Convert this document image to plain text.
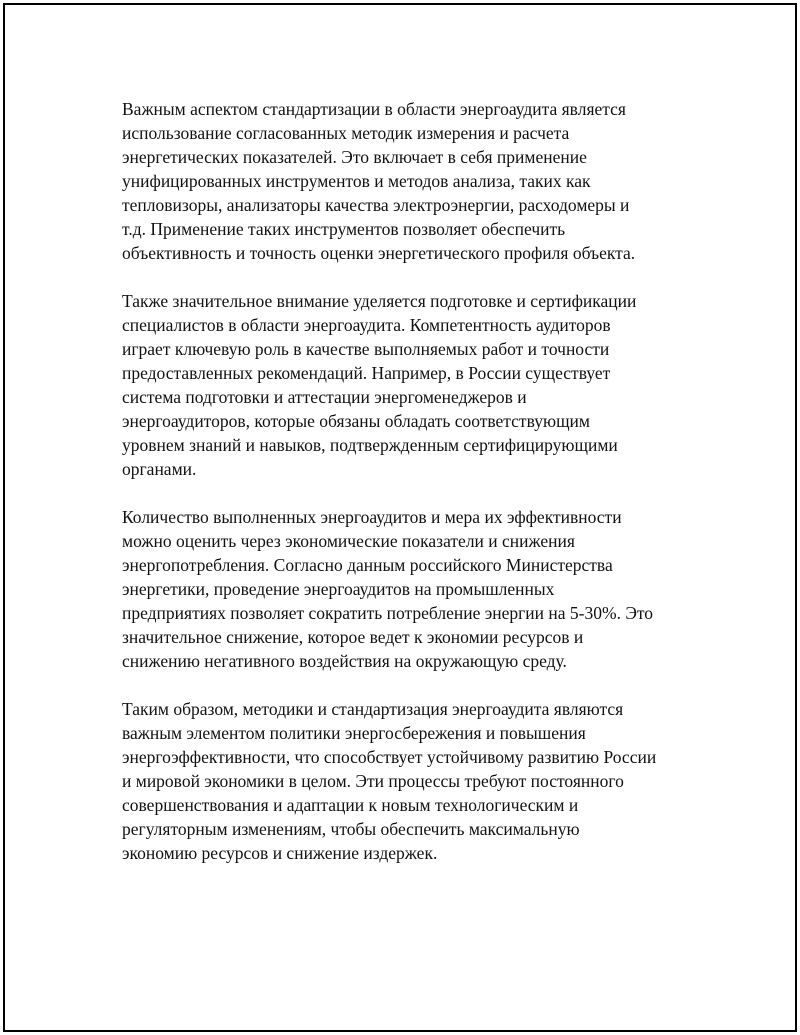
Важным аспектом стандартизации в области энергоаудита является
использование согласованных методик измерения и расчета
энергетических показателей. Это включает в себя применение
унифицированных инструментов и методов анализа, таких как
тепловизоры, анализаторы качества электроэнергии, расходомеры и
т.д. Применение таких инструментов позволяет обеспечить
объективность и точность оценки энергетического профиля объекта.
Также значительное внимание уделяется подготовке и сертификации
специалистов в области энергоаудита. Компетентность аудиторов
играет ключевую роль в качестве выполняемых работ и точности
предоставленных рекомендаций. Например, в России существует
система подготовки и аттестации энергоменеджеров и
энергоаудиторов, которые обязаны обладать соответствующим
уровнем знаний и навыков, подтвержденным сертифицирующими
органами.
Количество выполненных энергоаудитов и мера их эффективности
можно оценить через экономические показатели и снижения
энергопотребления. Согласно данным российского Министерства
энергетики, проведение энергоаудитов на промышленных
предприятиях позволяет сократить потребление энергии на 5-30%. Это
значительное снижение, которое ведет к экономии ресурсов и
снижению негативного воздействия на окружающую среду.
Таким образом, методики и стандартизация энергоаудита являются
важным элементом политики энергосбережения и повышения
энергоэффективности, что способствует устойчивому развитию России
и мировой экономики в целом. Эти процессы требуют постоянного
совершенствования и адаптации к новым технологическим и
регуляторным изменениям, чтобы обеспечить максимальную
экономию ресурсов и снижение издержек.
